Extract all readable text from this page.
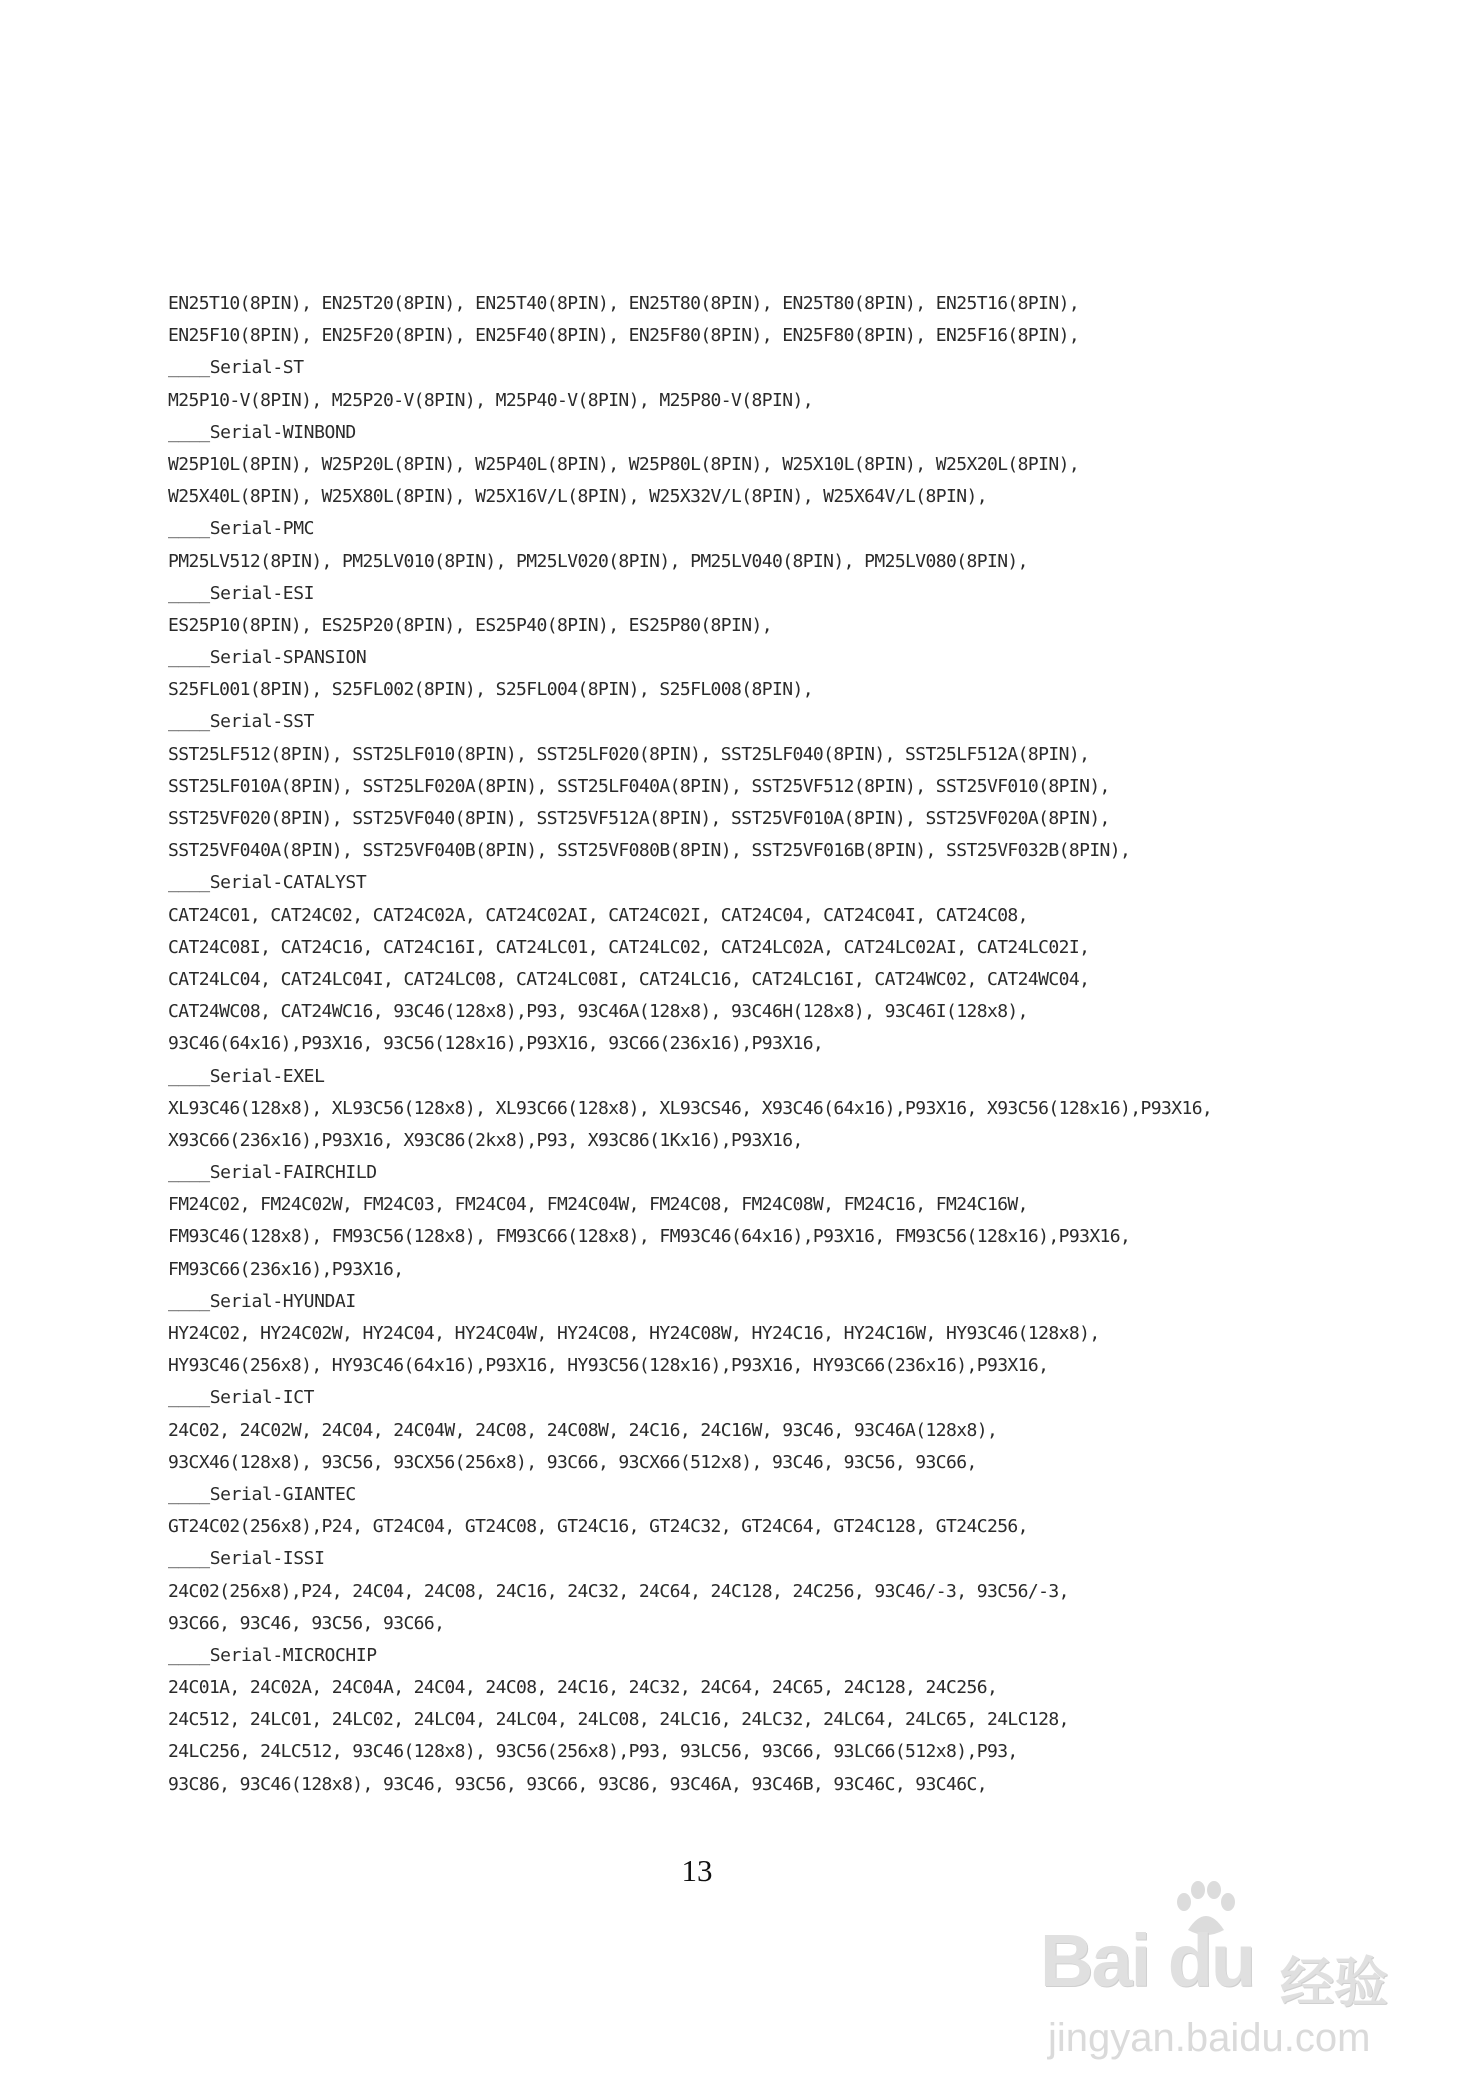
EN25T10(8PIN), EN25T20(8PIN), EN25T40(8PIN), EN25T80(8PIN), EN25T80(8PIN), EN25T16(8PIN),
EN25F10(8PIN), EN25F20(8PIN), EN25F40(8PIN), EN25F80(8PIN), EN25F80(8PIN), EN25F16(8PIN),
____Serial-ST
M25P10-V(8PIN), M25P20-V(8PIN), M25P40-V(8PIN), M25P80-V(8PIN),
____Serial-WINBOND
W25P10L(8PIN), W25P20L(8PIN), W25P40L(8PIN), W25P80L(8PIN), W25X10L(8PIN), W25X20L(8PIN),
W25X40L(8PIN), W25X80L(8PIN), W25X16V/L(8PIN), W25X32V/L(8PIN), W25X64V/L(8PIN),
____Serial-PMC
PM25LV512(8PIN), PM25LV010(8PIN), PM25LV020(8PIN), PM25LV040(8PIN), PM25LV080(8PIN),
____Serial-ESI
ES25P10(8PIN), ES25P20(8PIN), ES25P40(8PIN), ES25P80(8PIN),
____Serial-SPANSION
S25FL001(8PIN), S25FL002(8PIN), S25FL004(8PIN), S25FL008(8PIN),
____Serial-SST
SST25LF512(8PIN), SST25LF010(8PIN), SST25LF020(8PIN), SST25LF040(8PIN), SST25LF512A(8PIN),
SST25LF010A(8PIN), SST25LF020A(8PIN), SST25LF040A(8PIN), SST25VF512(8PIN), SST25VF010(8PIN),
SST25VF020(8PIN), SST25VF040(8PIN), SST25VF512A(8PIN), SST25VF010A(8PIN), SST25VF020A(8PIN),
SST25VF040A(8PIN), SST25VF040B(8PIN), SST25VF080B(8PIN), SST25VF016B(8PIN), SST25VF032B(8PIN),
____Serial-CATALYST
CAT24C01, CAT24C02, CAT24C02A, CAT24C02AI, CAT24C02I, CAT24C04, CAT24C04I, CAT24C08,
CAT24C08I, CAT24C16, CAT24C16I, CAT24LC01, CAT24LC02, CAT24LC02A, CAT24LC02AI, CAT24LC02I,
CAT24LC04, CAT24LC04I, CAT24LC08, CAT24LC08I, CAT24LC16, CAT24LC16I, CAT24WC02, CAT24WC04,
CAT24WC08, CAT24WC16, 93C46(128x8),P93, 93C46A(128x8), 93C46H(128x8), 93C46I(128x8),
93C46(64x16),P93X16, 93C56(128x16),P93X16, 93C66(236x16),P93X16,
____Serial-EXEL
XL93C46(128x8), XL93C56(128x8), XL93C66(128x8), XL93CS46, X93C46(64x16),P93X16, X93C56(128x16),P93X16,
X93C66(236x16),P93X16, X93C86(2kx8),P93, X93C86(1Kx16),P93X16,
____Serial-FAIRCHILD
FM24C02, FM24C02W, FM24C03, FM24C04, FM24C04W, FM24C08, FM24C08W, FM24C16, FM24C16W,
FM93C46(128x8), FM93C56(128x8), FM93C66(128x8), FM93C46(64x16),P93X16, FM93C56(128x16),P93X16,
FM93C66(236x16),P93X16,
____Serial-HYUNDAI
HY24C02, HY24C02W, HY24C04, HY24C04W, HY24C08, HY24C08W, HY24C16, HY24C16W, HY93C46(128x8),
HY93C46(256x8), HY93C46(64x16),P93X16, HY93C56(128x16),P93X16, HY93C66(236x16),P93X16,
____Serial-ICT
24C02, 24C02W, 24C04, 24C04W, 24C08, 24C08W, 24C16, 24C16W, 93C46, 93C46A(128x8),
93CX46(128x8), 93C56, 93CX56(256x8), 93C66, 93CX66(512x8), 93C46, 93C56, 93C66,
____Serial-GIANTEC
GT24C02(256x8),P24, GT24C04, GT24C08, GT24C16, GT24C32, GT24C64, GT24C128, GT24C256,
____Serial-ISSI
24C02(256x8),P24, 24C04, 24C08, 24C16, 24C32, 24C64, 24C128, 24C256, 93C46/-3, 93C56/-3,
93C66, 93C46, 93C56, 93C66,
____Serial-MICROCHIP
24C01A, 24C02A, 24C04A, 24C04, 24C08, 24C16, 24C32, 24C64, 24C65, 24C128, 24C256,
24C512, 24LC01, 24LC02, 24LC04, 24LC04, 24LC08, 24LC16, 24LC32, 24LC64, 24LC65, 24LC128,
24LC256, 24LC512, 93C46(128x8), 93C56(256x8),P93, 93LC56, 93C66, 93LC66(512x8),P93,
93C86, 93C46(128x8), 93C46, 93C56, 93C66, 93C86, 93C46A, 93C46B, 93C46C, 93C46C,
13
Bai du 经验
jingyan.baidu.com
